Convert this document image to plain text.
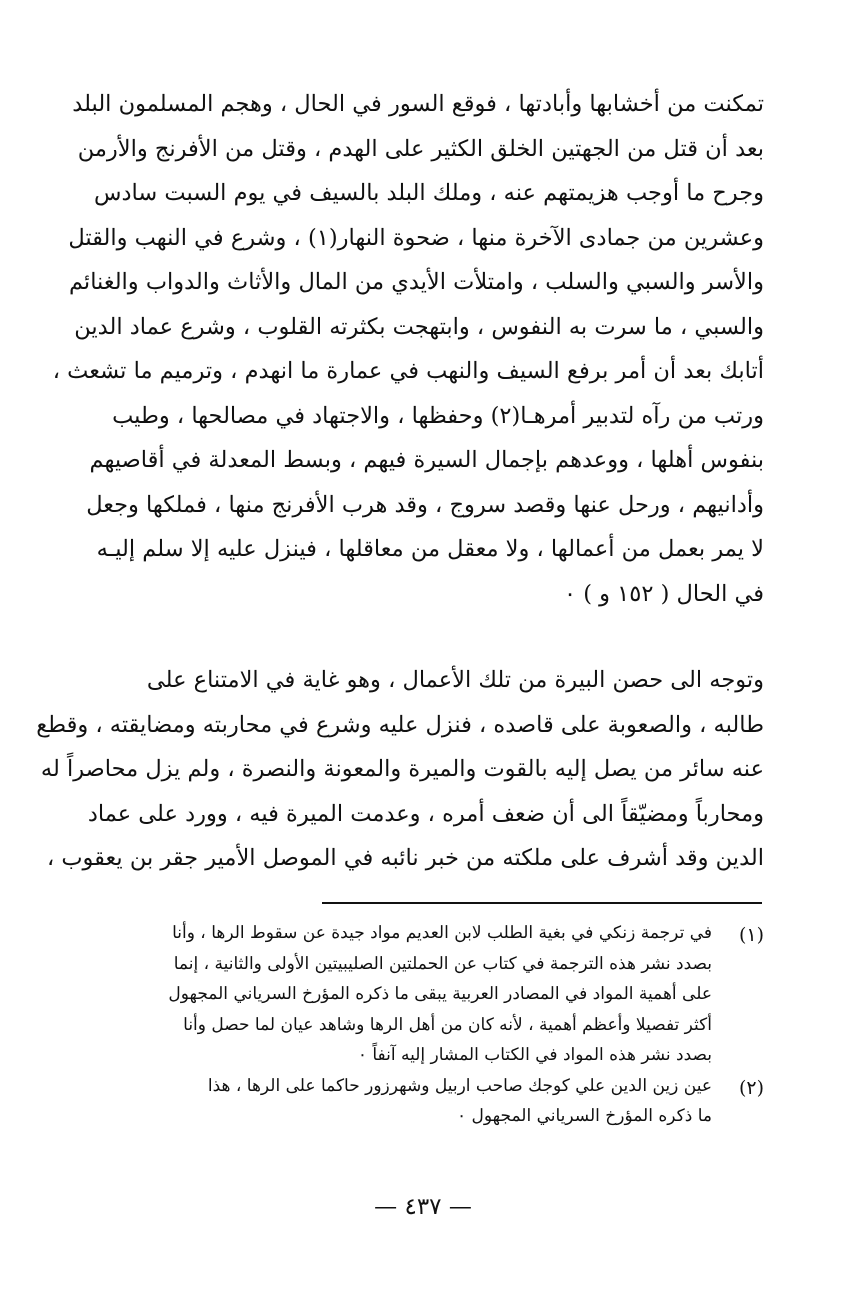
تمكنت من أخشابها وأبادتها ، فوقع السور في الحال ، وهجم المسلمون البلد
بعد أن قتل من الجهتين الخلق الكثير على الهدم ، وقتل من الأفرنج والأرمن
وجرح ما أوجب هزيمتهم عنه ، وملك البلد بالسيف في يوم السبت سادس
وعشرين من جمادى الآخرة منها ، ضحوة النهار(١) ، وشرع في النهب والقتل
والأسر والسبي والسلب ، وامتلأت الأيدي من المال والأثاث والدواب والغنائم
والسبي ، ما سرت به النفوس ، وابتهجت بكثرته القلوب ، وشرع عماد الدين
أتابك بعد أن أمر برفع السيف والنهب في عمارة ما انهدم ، وترميم ما تشعث ،
ورتب من رآه لتدبير أمرهـا(٢) وحفظها ، والاجتهاد في مصالحها ، وطيب
بنفوس أهلها ، ووعدهم بإجمال السيرة فيهم ، وبسط المعدلة في أقاصيهم
وأدانيهم ، ورحل عنها وقصد سروج ، وقد هرب الأفرنج منها ، فملكها وجعل
لا يمر بعمل من أعمالها ، ولا معقل من معاقلها ، فينزل عليه إلا سلم إليـه
في الحال ( ١٥٢ و ) ٠
وتوجه الى حصن البيرة من تلك الأعمال ، وهو غاية في الامتناع على
طالبه ، والصعوبة على قاصده ، فنزل عليه وشرع في محاربته ومضايقته ، وقطع
عنه سائر من يصل إليه بالقوت والميرة والمعونة والنصرة ، ولم يزل محاصراً له
ومحارباً ومضيّقاً الى أن ضعف أمره ، وعدمت الميرة فيه ، وورد على عماد
الدين وقد أشرف على ملكته من خبر نائبه في الموصل الأمير جقر بن يعقوب ،
(١)
في ترجمة زنكي في بغية الطلب لابن العديم مواد جيدة عن سقوط الرها ، وأنا
بصدد نشر هذه الترجمة في كتاب عن الحملتين الصليبيتين الأولى والثانية ، إنما
على أهمية المواد في المصادر العربية يبقى ما ذكره المؤرخ السرياني المجهول
أكثر تفصيلا وأعظم أهمية ، لأنه كان من أهل الرها وشاهد عيان لما حصل وأنا
بصدد نشر هذه المواد في الكتاب المشار إليه آنفاً ٠
(٢)
عين زين الدين علي كوجك صاحب اربيل وشهرزور حاكما على الرها ، هذا
ما ذكره المؤرخ السرياني المجهول ٠
— ٤٣٧ —
